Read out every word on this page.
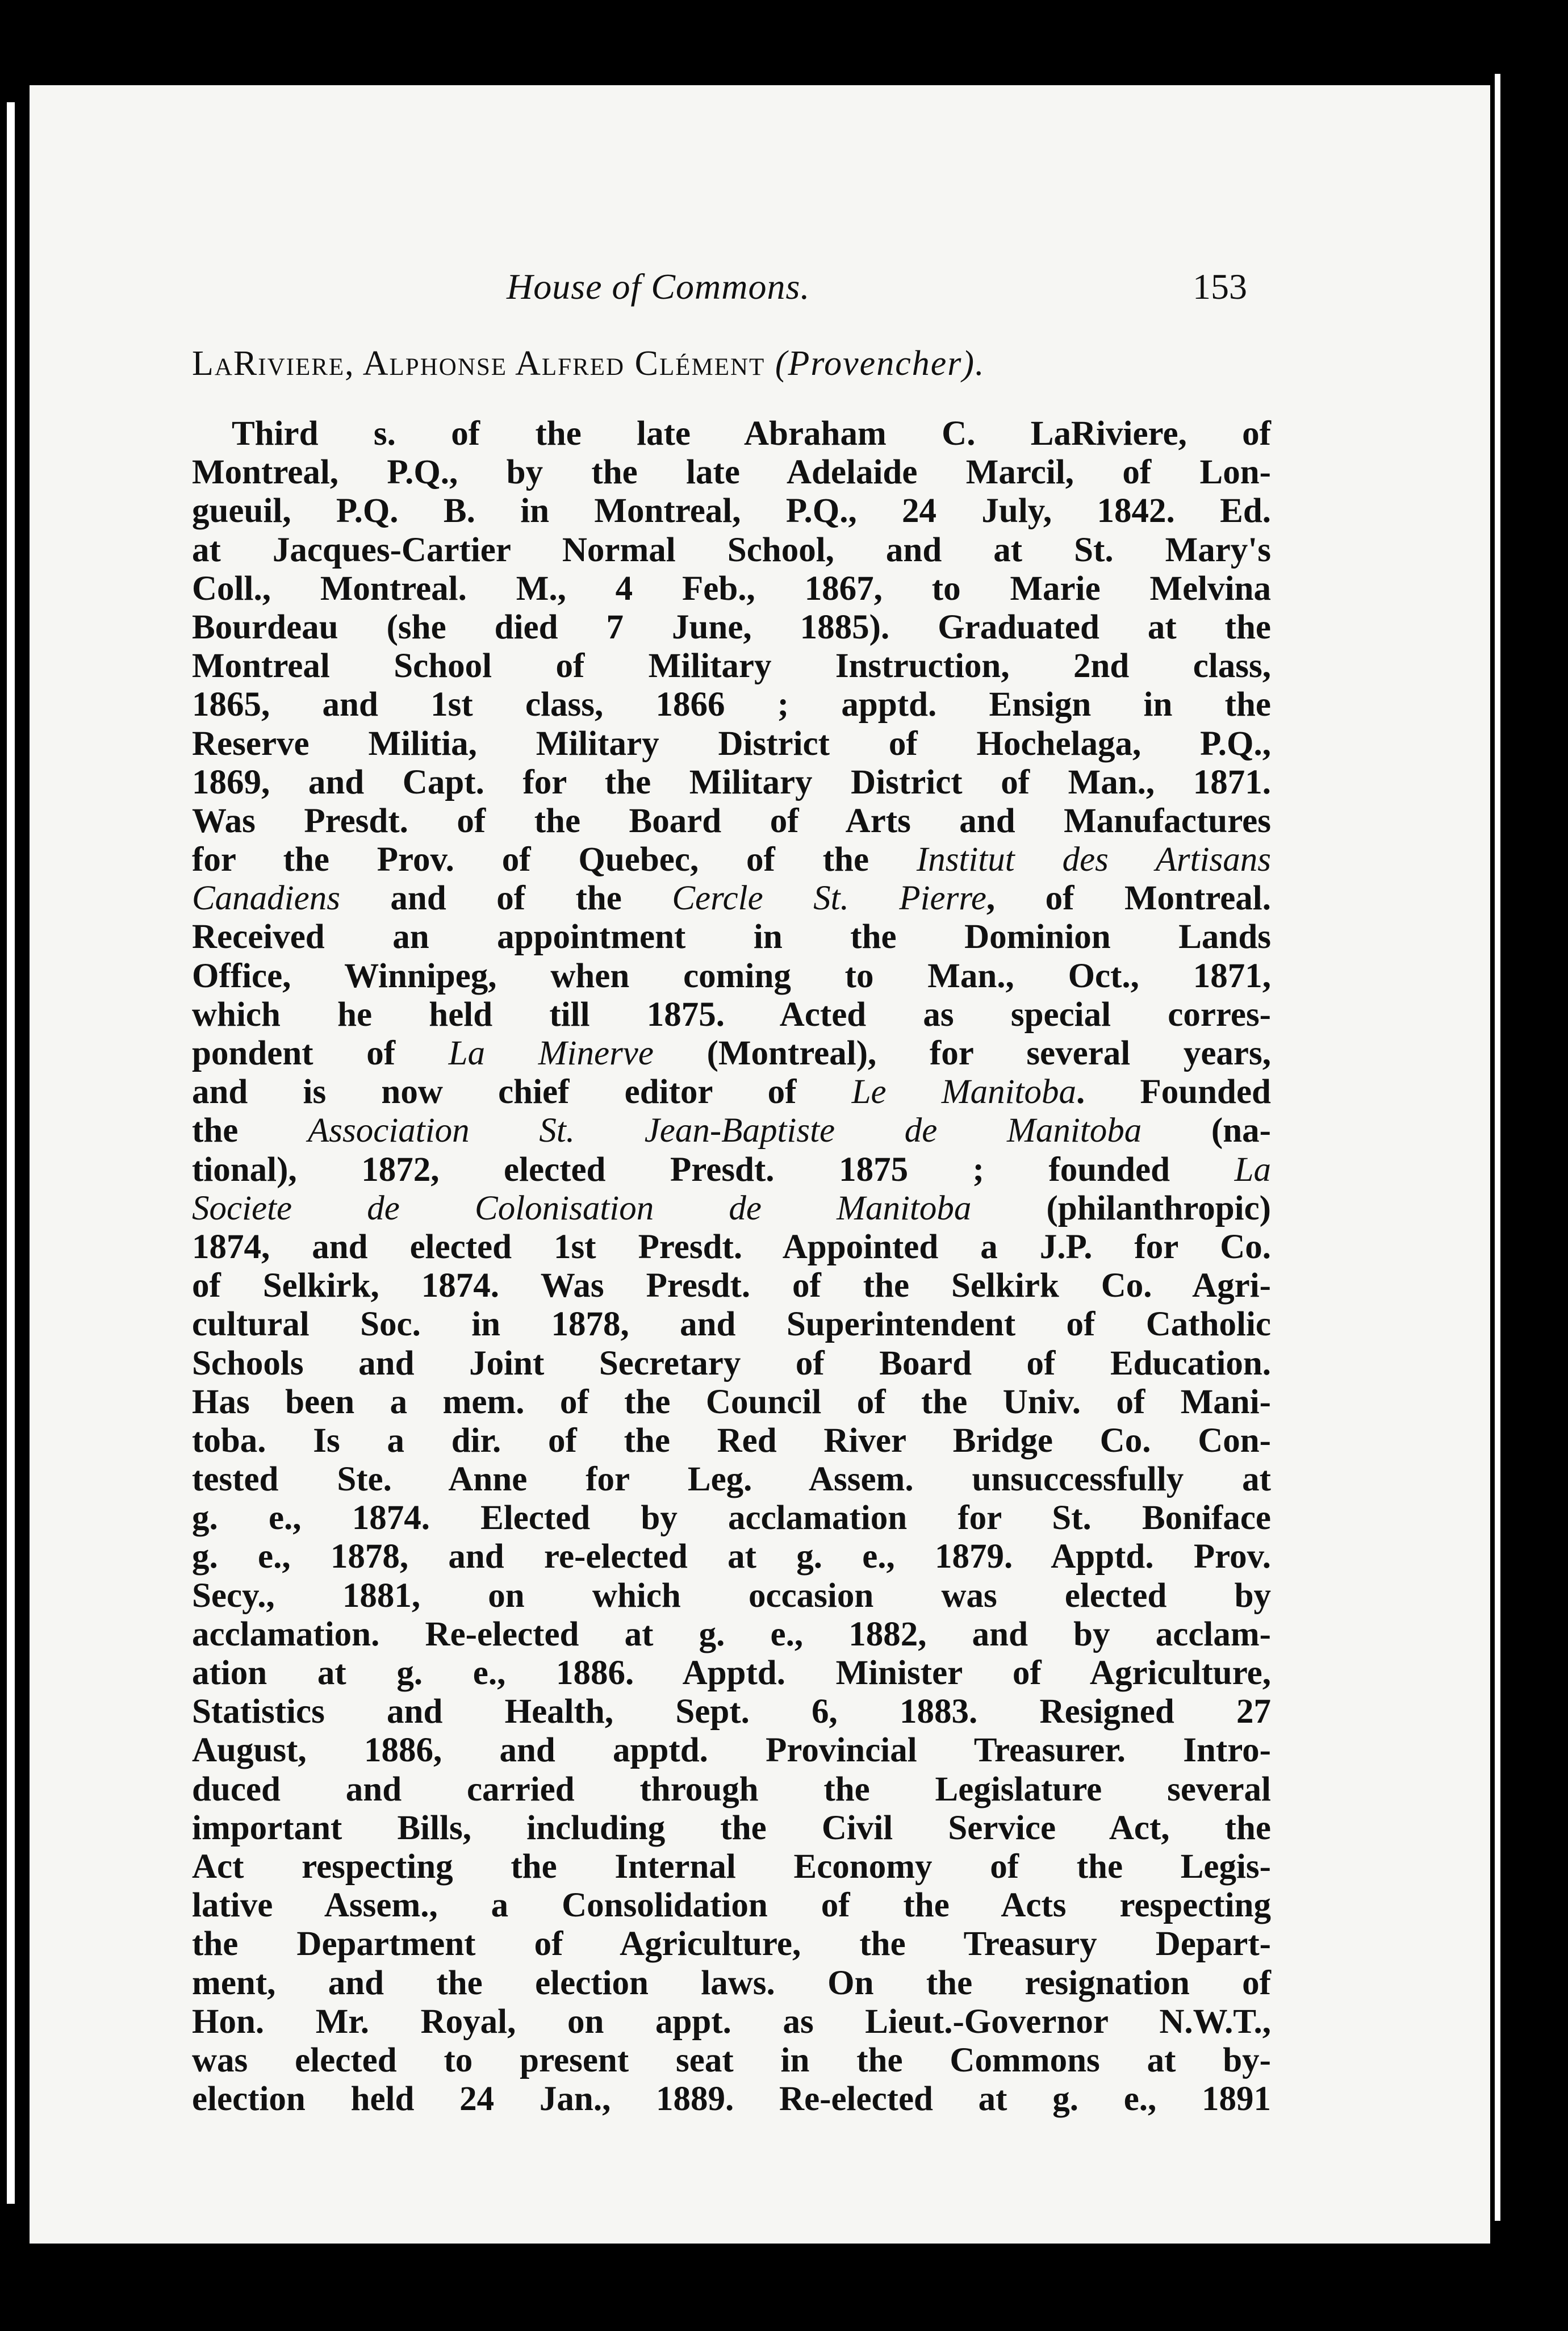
House of Commons.	153
LaRiviere, Alphonse Alfred Clément (Provencher).
Third s. of the late Abraham C. LaRiviere, of
Montreal, P.Q., by the late Adelaide Marcil, of Lon-
gueuil, P.Q. B. in Montreal, P.Q., 24 July, 1842. Ed.
at Jacques-Cartier Normal School, and at St. Mary's
Coll., Montreal. M., 4 Feb., 1867, to Marie Melvina
Bourdeau (she died 7 June, 1885). Graduated at the
Montreal School of Military Instruction, 2nd class,
1865, and 1st class, 1866 ; apptd. Ensign in the
Reserve Militia, Military District of Hochelaga, P.Q.,
1869, and Capt. for the Military District of Man., 1871.
Was Presdt. of the Board of Arts and Manufactures
for the Prov. of Quebec, of the Institut des Artisans
Canadiens and of the Cercle St. Pierre, of Montreal.
Received an appointment in the Dominion Lands
Office, Winnipeg, when coming to Man., Oct., 1871,
which he held till 1875. Acted as special corres-
pondent of La Minerve (Montreal), for several years,
and is now chief editor of Le Manitoba. Founded
the Association St. Jean-Baptiste de Manitoba (na-
tional), 1872, elected Presdt. 1875 ; founded La
Societe de Colonisation de Manitoba (philanthropic)
1874, and elected 1st Presdt. Appointed a J.P. for Co.
of Selkirk, 1874. Was Presdt. of the Selkirk Co. Agri-
cultural Soc. in 1878, and Superintendent of Catholic
Schools and Joint Secretary of Board of Education.
Has been a mem. of the Council of the Univ. of Mani-
toba. Is a dir. of the Red River Bridge Co. Con-
tested Ste. Anne for Leg. Assem. unsuccessfully at
g. e., 1874. Elected by acclamation for St. Boniface
g. e., 1878, and re-elected at g. e., 1879. Apptd. Prov.
Secy., 1881, on which occasion was elected by
acclamation. Re-elected at g. e., 1882, and by acclam-
ation at g. e., 1886. Apptd. Minister of Agriculture,
Statistics and Health, Sept. 6, 1883. Resigned 27
August, 1886, and apptd. Provincial Treasurer. Intro-
duced and carried through the Legislature several
important Bills, including the Civil Service Act, the
Act respecting the Internal Economy of the Legis-
lative Assem., a Consolidation of the Acts respecting
the Department of Agriculture, the Treasury Depart-
ment, and the election laws. On the resignation of
Hon. Mr. Royal, on appt. as Lieut.-Governor N.W.T.,
was elected to present seat in the Commons at by-
election held 24 Jan., 1889. Re-elected at g. e., 1891
